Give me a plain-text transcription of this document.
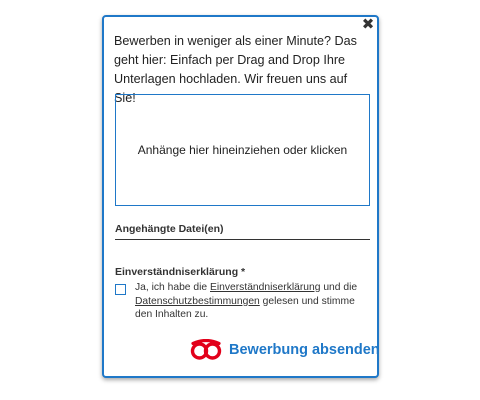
✖
Bewerben in weniger als einer Minute? Das geht hier: Einfach per Drag and Drop Ihre Unterlagen hochladen. Wir freuen uns auf Sie!
Anhänge hier hineinziehen oder klicken
Angehängte Datei(en)
Einverständniserklärung *
Ja, ich habe die Einverständniserklärung und die Datenschutzbestimmungen gelesen und stimme den Inhalten zu.
Bewerbung absenden
